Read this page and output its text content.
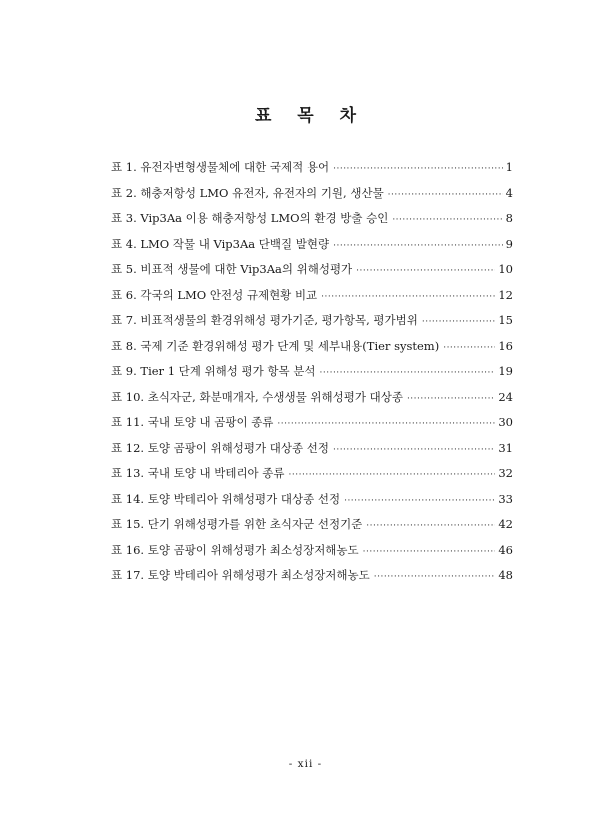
표 목 차
표 1. 유전자변형생물체에 대한 국제적 용어 ·····	1
표 2. 해충저항성 LMO 유전자, 유전자의 기원, 생산물 ·····	4
표 3. Vip3Aa 이용 해충저항성 LMO의 환경 방출 승인 ·····	8
표 4. LMO 작물 내 Vip3Aa 단백질 발현량 ·····	9
표 5. 비표적 생물에 대한 Vip3Aa의 위해성평가 ·····	10
표 6. 각국의 LMO 안전성 규제현황 비교 ·····	12
표 7. 비표적생물의 환경위해성 평가기준, 평가항목, 평가범위 ·····	15
표 8. 국제 기준 환경위해성 평가 단계 및 세부내용(Tier system) ·····	16
표 9. Tier 1 단계 위해성 평가 항목 분석 ·····	19
표 10. 초식자군, 화분매개자, 수생생물 위해성평가 대상종 ·····	24
표 11. 국내 토양 내 곰팡이 종류 ·····	30
표 12. 토양 곰팡이 위해성평가 대상종 선정 ·····	31
표 13. 국내 토양 내 박테리아 종류 ·····	32
표 14. 토양 박테리아 위해성평가 대상종 선정 ·····	33
표 15. 단기 위해성평가를 위한 초식자군 선정기준 ·····	42
표 16. 토양 곰팡이 위해성평가 최소성장저해농도 ·····	46
표 17. 토양 박테리아 위해성평가 최소성장저해농도 ·····	48
- xii -
